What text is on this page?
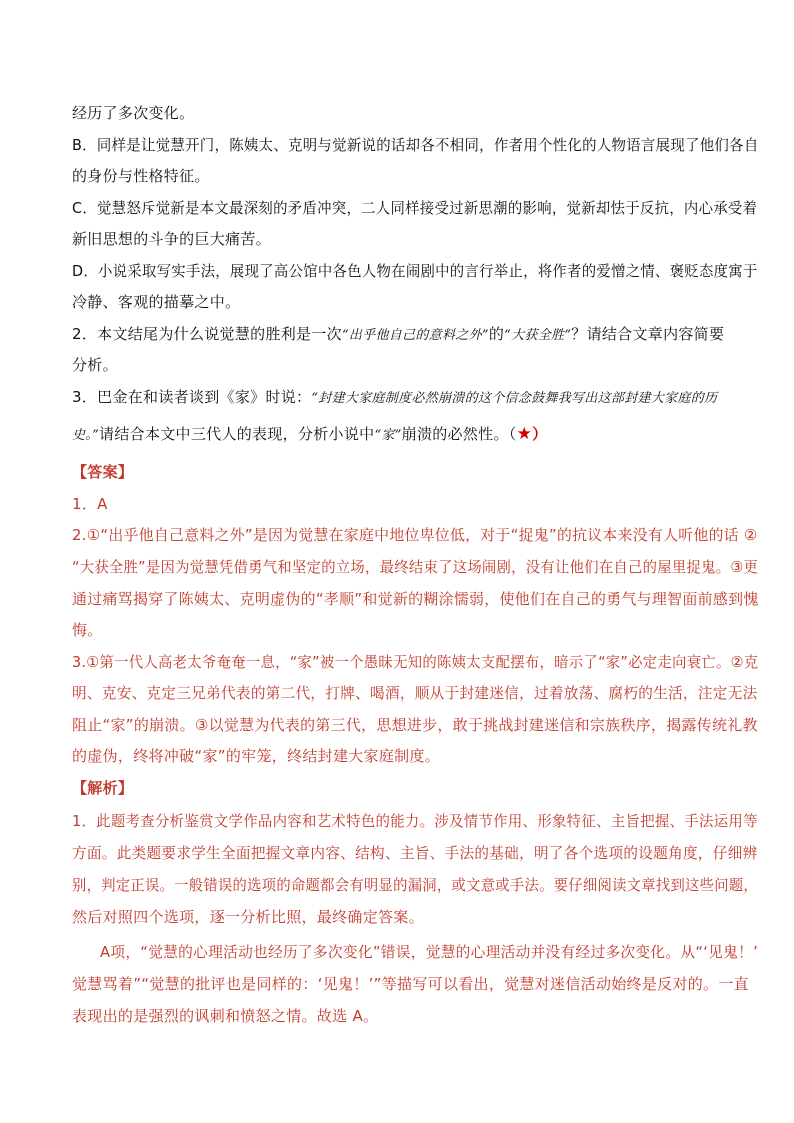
经历了多次变化。
B．同样是让觉慧开门，陈姨太、克明与觉新说的话却各不相同，作者用个性化的人物语言展现了他们各自
的身份与性格特征。
C．觉慧怒斥觉新是本文最深刻的矛盾冲突，二人同样接受过新思潮的影响，觉新却怯于反抗，内心承受着
新旧思想的斗争的巨大痛苦。
D．小说采取写实手法，展现了高公馆中各色人物在闹剧中的言行举止，将作者的爱憎之情、褒贬态度寓于
冷静、客观的描摹之中。
2．本文结尾为什么说觉慧的胜利是一次“出乎他自己的意料之外”的“大获全胜”？请结合文章内容简要
分析。
3．巴金在和读者谈到《家》时说：“封建大家庭制度必然崩溃的这个信念鼓舞我写出这部封建大家庭的历
史。”请结合本文中三代人的表现，分析小说中“家”崩溃的必然性。（★）
【答案】
1．A
2.①“出乎他自己意料之外”是因为觉慧在家庭中地位卑位低，对于“捉鬼”的抗议本来没有人听他的话 ②
“大获全胜”是因为觉慧凭借勇气和坚定的立场，最终结束了这场闹剧，没有让他们在自己的屋里捉鬼。③更
通过痛骂揭穿了陈姨太、克明虚伪的“孝顺”和觉新的糊涂懦弱，使他们在自己的勇气与理智面前感到愧
悔。
3.①第一代人高老太爷奄奄一息，“家”被一个愚昧无知的陈姨太支配摆布，暗示了“家”必定走向衰亡。②克
明、克安、克定三兄弟代表的第二代，打牌、喝酒，顺从于封建迷信，过着放荡、腐朽的生活，注定无法
阻止“家”的崩溃。③以觉慧为代表的第三代，思想进步，敢于挑战封建迷信和宗族秩序，揭露传统礼教
的虚伪，终将冲破“家”的牢笼，终结封建大家庭制度。
【解析】
1．此题考查分析鉴赏文学作品内容和艺术特色的能力。涉及情节作用、形象特征、主旨把握、手法运用等
方面。此类题要求学生全面把握文章内容、结构、主旨、手法的基础，明了各个选项的设题角度，仔细辨
别，判定正误。一般错误的选项的命题都会有明显的漏洞，或文意或手法。要仔细阅读文章找到这些问题，
然后对照四个选项，逐一分析比照，最终确定答案。
A项，“觉慧的心理活动也经历了多次变化”错误，觉慧的心理活动并没有经过多次变化。从“‘见鬼！’
觉慧骂着”“觉慧的批评也是同样的：‘见鬼！’”等描写可以看出，觉慧对迷信活动始终是反对的。一直
表现出的是强烈的讽刺和愤怒之情。故选 A。
